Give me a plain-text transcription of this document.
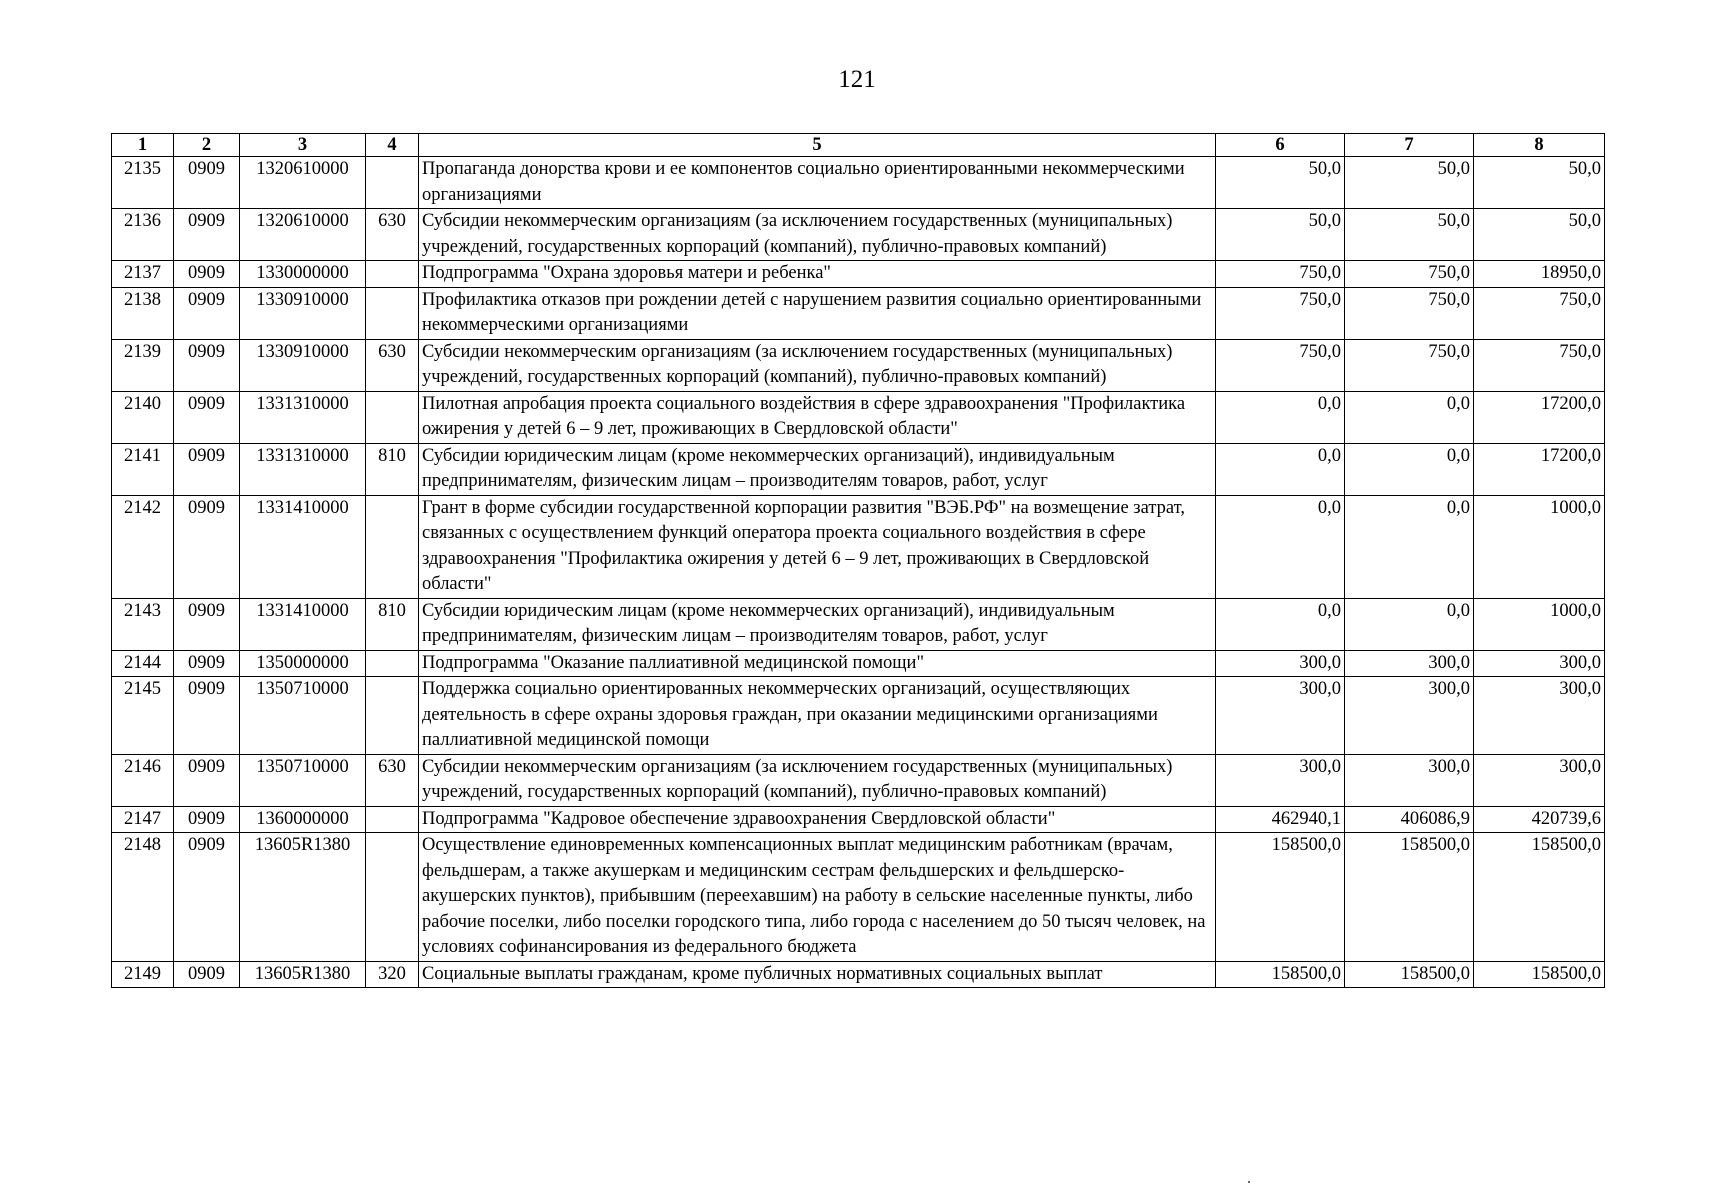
121
1	2	3	4	5	6	7	8
2135	0909	1320610000		Пропаганда донорства крови и ее компонентов социально ориентированными некоммерческими организациями	50,0	50,0	50,0
2136	0909	1320610000	630	Субсидии некоммерческим организациям (за исключением государственных (муниципальных) учреждений, государственных корпораций (компаний), публично-правовых компаний)	50,0	50,0	50,0
2137	0909	1330000000		Подпрограмма "Охрана здоровья матери и ребенка"	750,0	750,0	18950,0
2138	0909	1330910000		Профилактика отказов при рождении детей с нарушением развития социально ориентированными некоммерческими организациями	750,0	750,0	750,0
2139	0909	1330910000	630	Субсидии некоммерческим организациям (за исключением государственных (муниципальных) учреждений, государственных корпораций (компаний), публично-правовых компаний)	750,0	750,0	750,0
2140	0909	1331310000		Пилотная апробация проекта социального воздействия в сфере здравоохранения "Профилактика ожирения у детей 6 – 9 лет, проживающих в Свердловской области"	0,0	0,0	17200,0
2141	0909	1331310000	810	Субсидии юридическим лицам (кроме некоммерческих организаций), индивидуальным предпринимателям, физическим лицам – производителям товаров, работ, услуг	0,0	0,0	17200,0
2142	0909	1331410000		Грант в форме субсидии государственной корпорации развития "ВЭБ.РФ" на возмещение затрат, связанных с осуществлением функций оператора проекта социального воздействия в сфере здравоохранения "Профилактика ожирения у детей 6 – 9 лет, проживающих в Свердловской области"	0,0	0,0	1000,0
2143	0909	1331410000	810	Субсидии юридическим лицам (кроме некоммерческих организаций), индивидуальным предпринимателям, физическим лицам – производителям товаров, работ, услуг	0,0	0,0	1000,0
2144	0909	1350000000		Подпрограмма "Оказание паллиативной медицинской помощи"	300,0	300,0	300,0
2145	0909	1350710000		Поддержка социально ориентированных некоммерческих организаций, осуществляющих деятельность в сфере охраны здоровья граждан, при оказании медицинскими организациями паллиативной медицинской помощи	300,0	300,0	300,0
2146	0909	1350710000	630	Субсидии некоммерческим организациям (за исключением государственных (муниципальных) учреждений, государственных корпораций (компаний), публично-правовых компаний)	300,0	300,0	300,0
2147	0909	1360000000		Подпрограмма "Кадровое обеспечение здравоохранения Свердловской области"	462940,1	406086,9	420739,6
2148	0909	13605R1380		Осуществление единовременных компенсационных выплат медицинским работникам (врачам, фельдшерам, а также акушеркам и медицинским сестрам фельдшерских и фельдшерско-акушерских пунктов), прибывшим (переехавшим) на работу в сельские населенные пункты, либо рабочие поселки, либо поселки городского типа, либо города с населением до 50 тысяч человек, на условиях софинансирования из федерального бюджета	158500,0	158500,0	158500,0
2149	0909	13605R1380	320	Социальные выплаты гражданам, кроме публичных нормативных социальных выплат	158500,0	158500,0	158500,0
